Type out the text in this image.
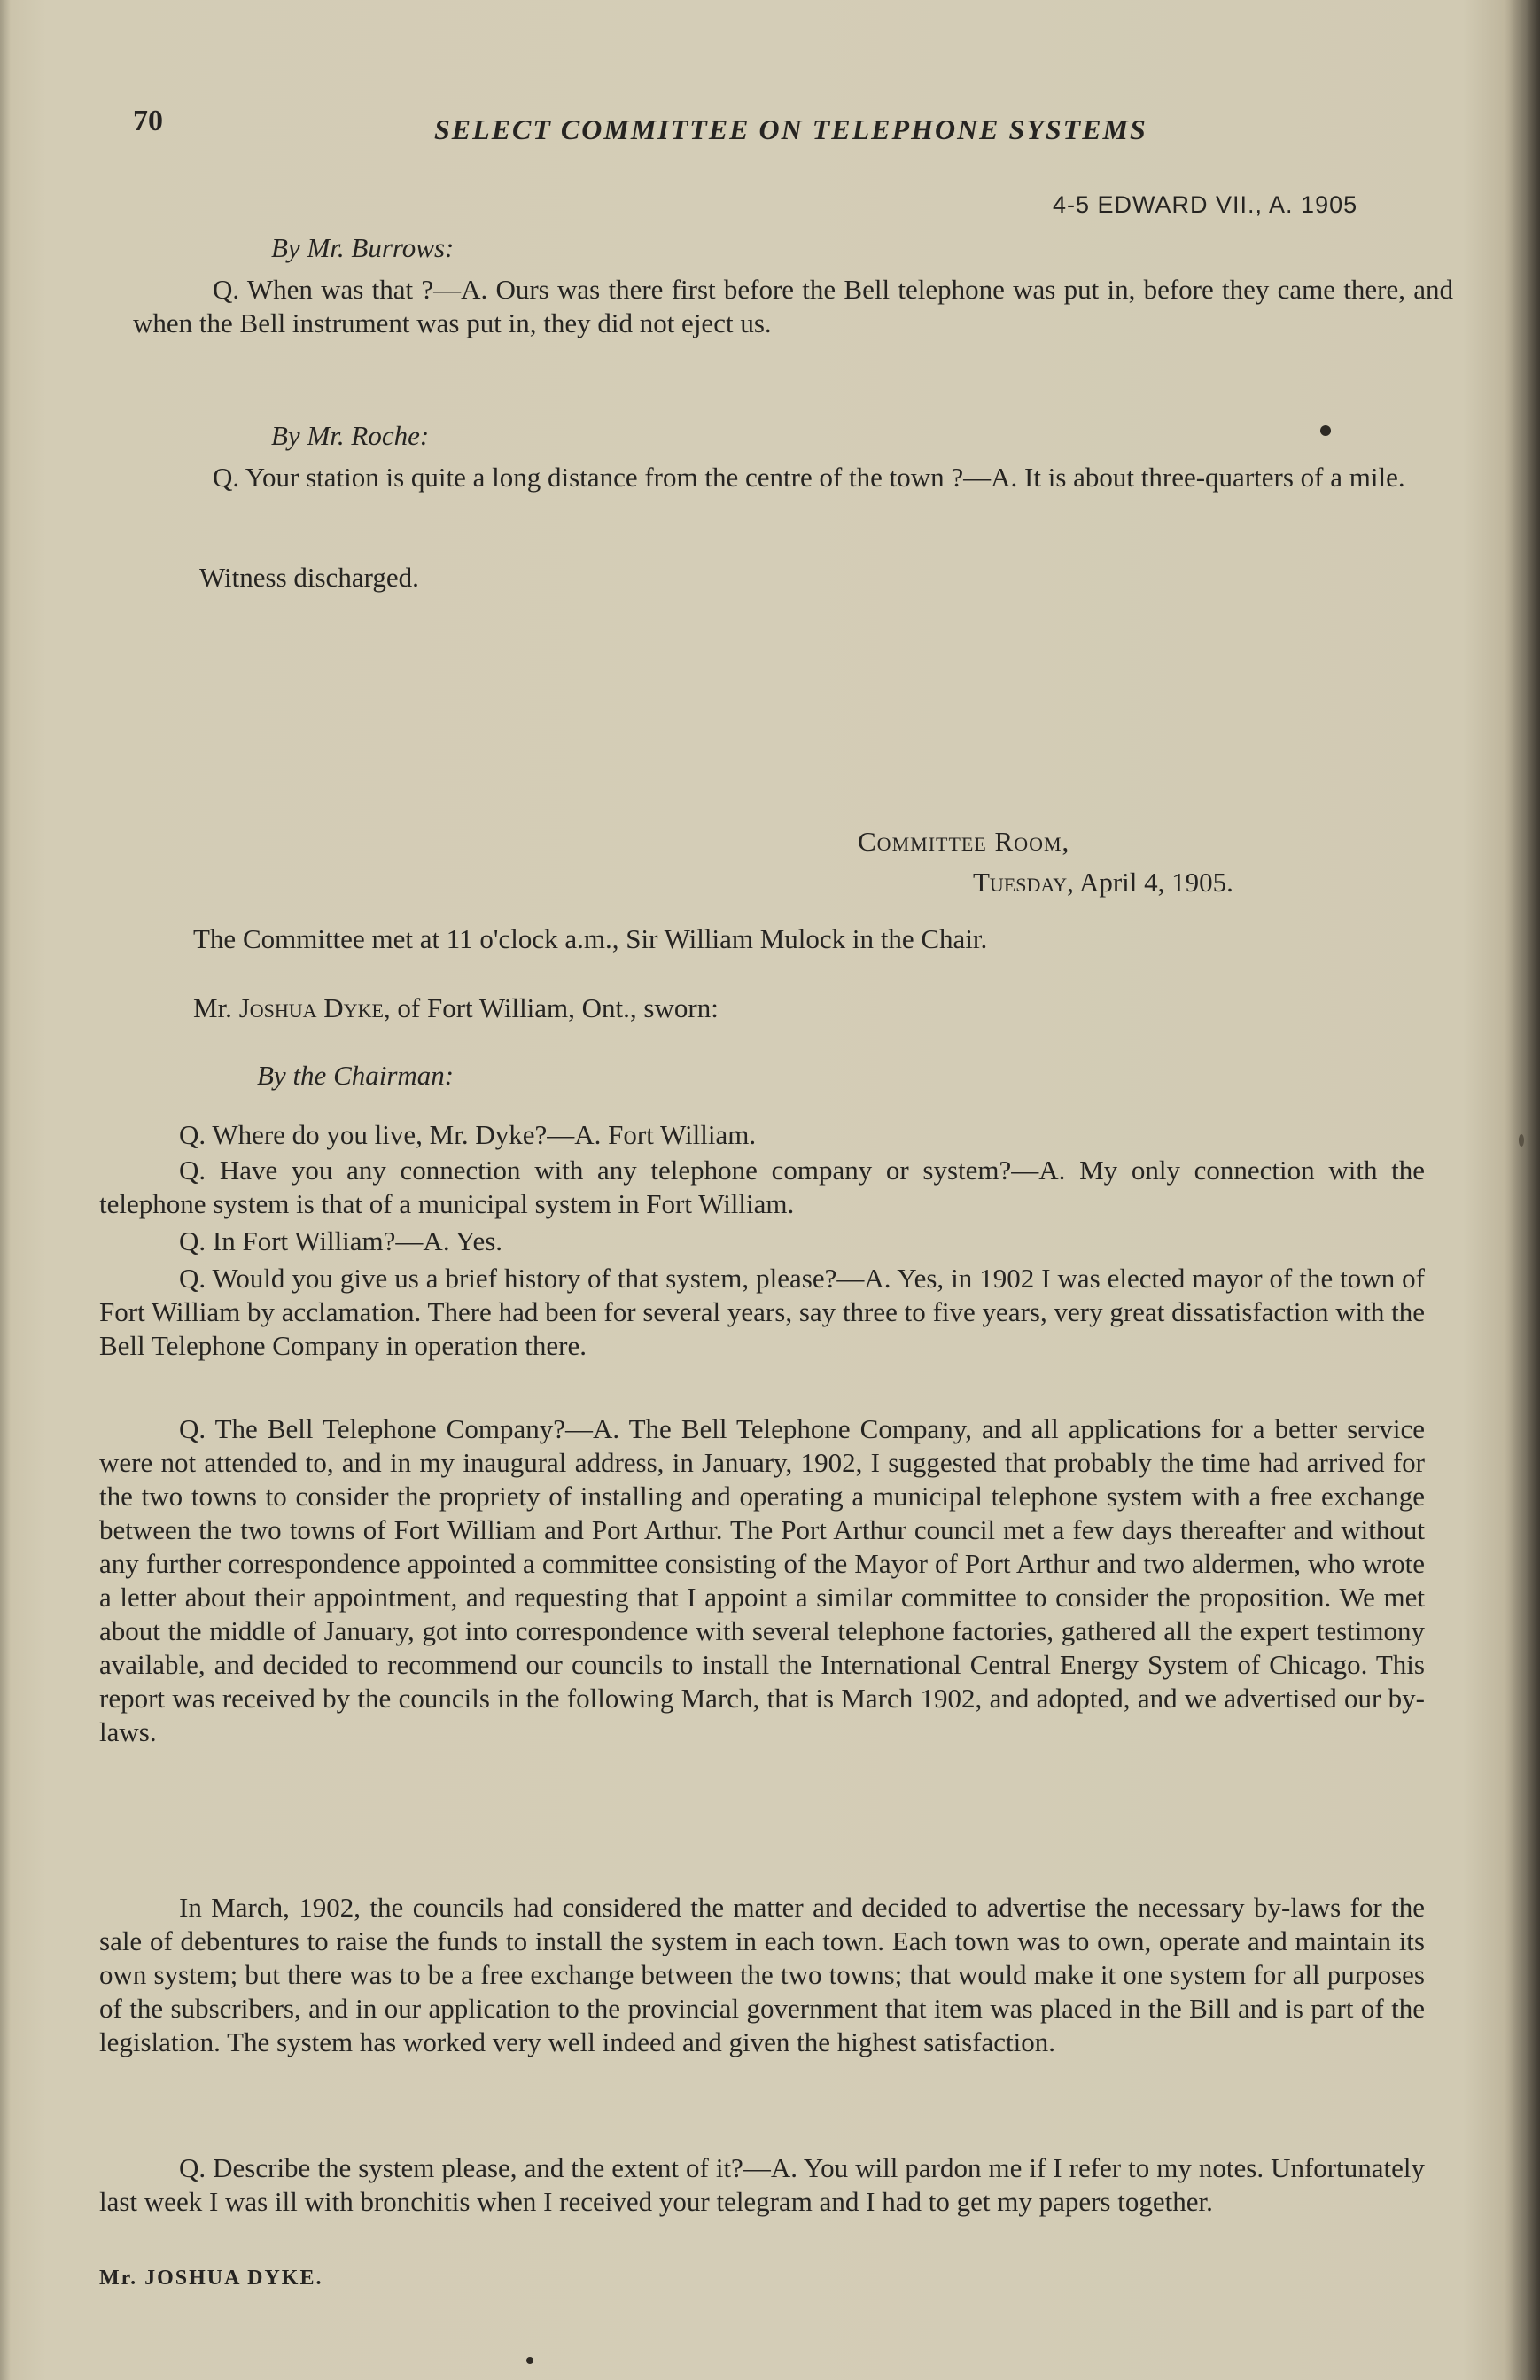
70	SELECT COMMITTEE ON TELEPHONE SYSTEMS
4-5 EDWARD VII., A. 1905
By Mr. Burrows:
Q. When was that ?—A. Ours was there first before the Bell telephone was put in, before they came there, and when the Bell instrument was put in, they did not eject us.
By Mr. Roche:
Q. Your station is quite a long distance from the centre of the town ?—A. It is about three-quarters of a mile.
Witness discharged.
Committee Room,
Tuesday, April 4, 1905.
The Committee met at 11 o'clock a.m., Sir William Mulock in the Chair.
Mr. Joshua Dyke, of Fort William, Ont., sworn:
By the Chairman:
Q. Where do you live, Mr. Dyke?—A. Fort William.
Q. Have you any connection with any telephone company or system?—A. My only connection with the telephone system is that of a municipal system in Fort William.
Q. In Fort William?—A. Yes.
Q. Would you give us a brief history of that system, please?—A. Yes, in 1902 I was elected mayor of the town of Fort William by acclamation. There had been for several years, say three to five years, very great dissatisfaction with the Bell Telephone Company in operation there.
Q. The Bell Telephone Company?—A. The Bell Telephone Company, and all applications for a better service were not attended to, and in my inaugural address, in January, 1902, I suggested that probably the time had arrived for the two towns to consider the propriety of installing and operating a municipal telephone system with a free exchange between the two towns of Fort William and Port Arthur. The Port Arthur council met a few days thereafter and without any further correspondence appointed a committee consisting of the Mayor of Port Arthur and two aldermen, who wrote a letter about their appointment, and requesting that I appoint a similar committee to consider the proposition. We met about the middle of January, got into correspondence with several telephone factories, gathered all the expert testimony available, and decided to recommend our councils to install the International Central Energy System of Chicago. This report was received by the councils in the following March, that is March 1902, and adopted, and we advertised our by-laws.
In March, 1902, the councils had considered the matter and decided to advertise the necessary by-laws for the sale of debentures to raise the funds to install the system in each town. Each town was to own, operate and maintain its own system; but there was to be a free exchange between the two towns; that would make it one system for all purposes of the subscribers, and in our application to the provincial government that item was placed in the Bill and is part of the legislation. The system has worked very well indeed and given the highest satisfaction.
Q. Describe the system please, and the extent of it?—A. You will pardon me if I refer to my notes. Unfortunately last week I was ill with bronchitis when I received your telegram and I had to get my papers together.
Mr. JOSHUA DYKE.
